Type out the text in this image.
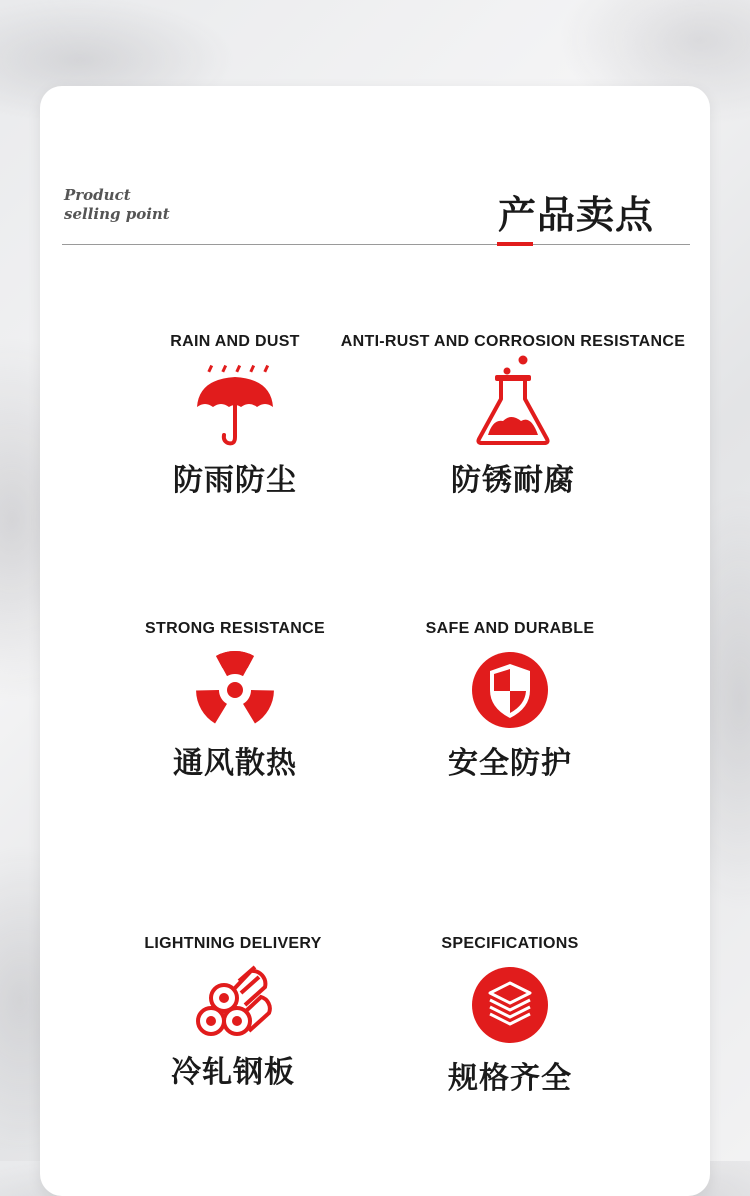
Product
selling point	产品卖点
RAIN AND DUST
防雨防尘
ANTI-RUST AND CORROSION RESISTANCE
防锈耐腐
STRONG RESISTANCE
通风散热
SAFE AND DURABLE
安全防护
LIGHTNING DELIVERY
冷轧钢板
SPECIFICATIONS
规格齐全
